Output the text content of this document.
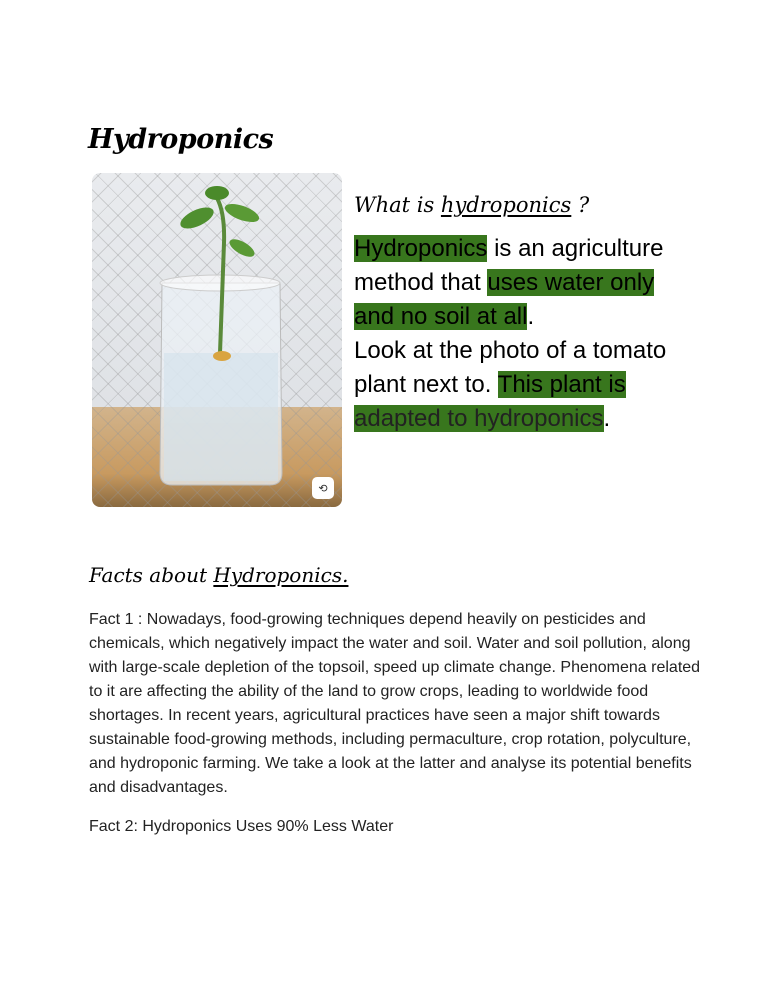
Hydroponics
⟲
What is hydroponics ?
Hydroponics is an agriculture method that uses water only and no soil at all.
Look at the photo of a tomato plant next to. This plant is adapted to hydroponics.
Facts about Hydroponics.
Fact 1 : Nowadays, food-growing techniques depend heavily on pesticides and chemicals, which negatively impact the water and soil. Water and soil pollution, along with large-scale depletion of the topsoil, speed up climate change. Phenomena related to it are affecting the ability of the land to grow crops, leading to worldwide food shortages. In recent years, agricultural practices have seen a major shift towards sustainable food-growing methods, including permaculture, crop rotation, polyculture, and hydroponic farming. We take a look at the latter and analyse its potential benefits and disadvantages.
Fact 2: Hydroponics Uses 90% Less Water
